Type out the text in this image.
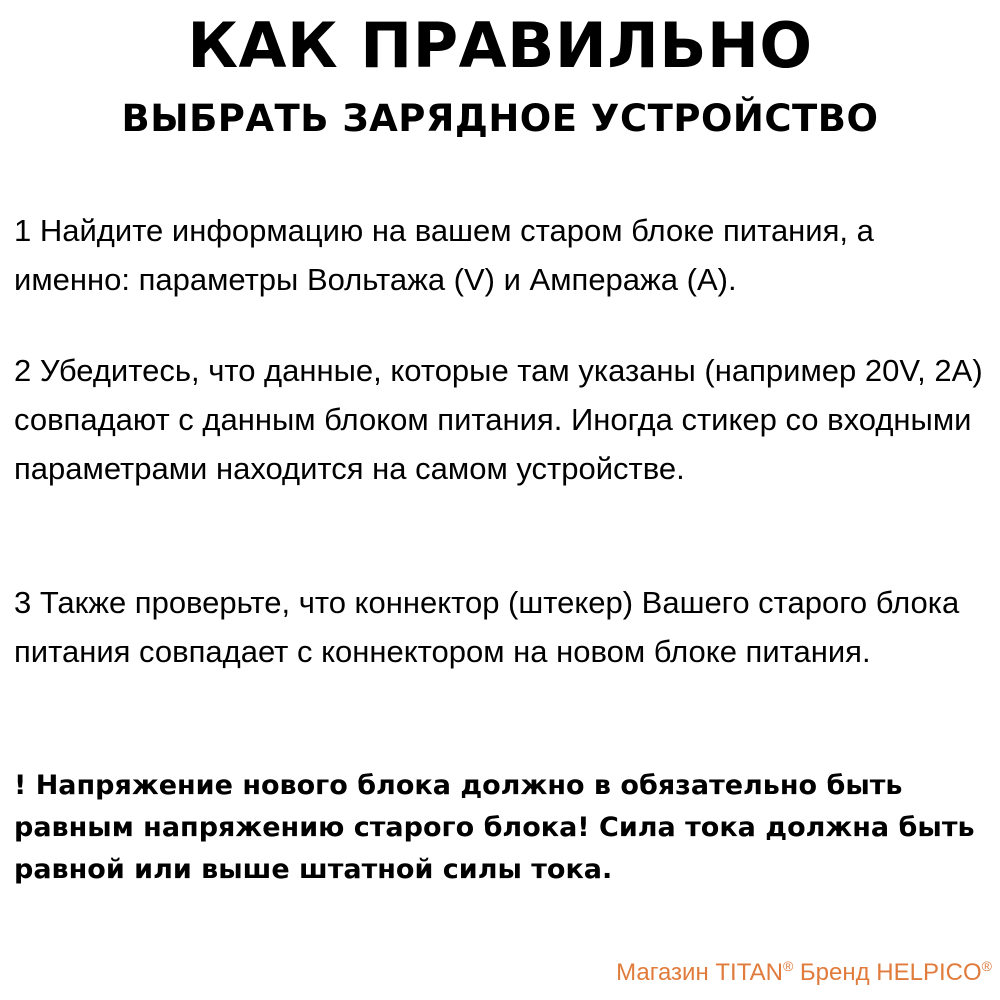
КАК ПРАВИЛЬНО
ВЫБРАТЬ ЗАРЯДНОЕ УСТРОЙСТВО

1 Найдите информацию на вашем старом блоке питания, а именно: параметры Вольтажа (V) и Ампеража (A).

2 Убедитесь, что данные, которые там указаны (например 20V, 2A) совпадают с данным блоком питания. Иногда стикер со входными параметрами находится на самом устройстве.

3 Также проверьте, что коннектор (штекер) Вашего старого блока питания совпадает с коннектором на новом блоке питания.

! Напряжение нового блока должно в обязательно быть равным напряжению старого блока! Сила тока должна быть равной или выше штатной силы тока.

Магазин TITAN® Бренд HELPICO®
